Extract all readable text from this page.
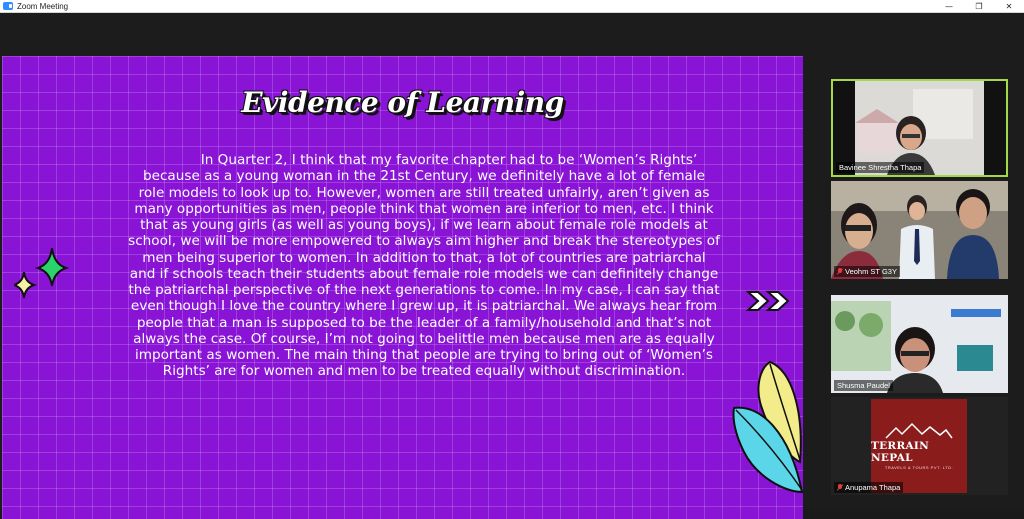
Zoom Meeting	—	❐	✕
Evidence of Learning
In Quarter 2, I think that my favorite chapter had to be ‘Women’s Rights’ because as a young woman in the 21st Century, we definitely have a lot of female role models to look up to. However, women are still treated unfairly, aren’t given as many opportunities as men, people think that women are inferior to men, etc. I think that as young girls (as well as young boys), if we learn about female role models at school, we will be more empowered to always aim higher and break the stereotypes of men being superior to women. In addition to that, a lot of countries are patriarchal and if schools teach their students about female role models we can definitely change the patriarchal perspective of the next generations to come. In my case, I can say that even though I love the country where I grew up, it is patriarchal. We always hear from people that a man is supposed to be the leader of a family/household and that’s not always the case. Of course, I’m not going to belittle men because men are as equally important as women. The main thing that people are trying to bring out of ‘Women’s Rights’ are for women and men to be treated equally without discrimination.
Bavinee Shrestha Thapa
Veohm ST G3Y
Shusma Paudel
TERRAIN NEPAL
TRAVELS & TOURS PVT. LTD.
Anupama Thapa
